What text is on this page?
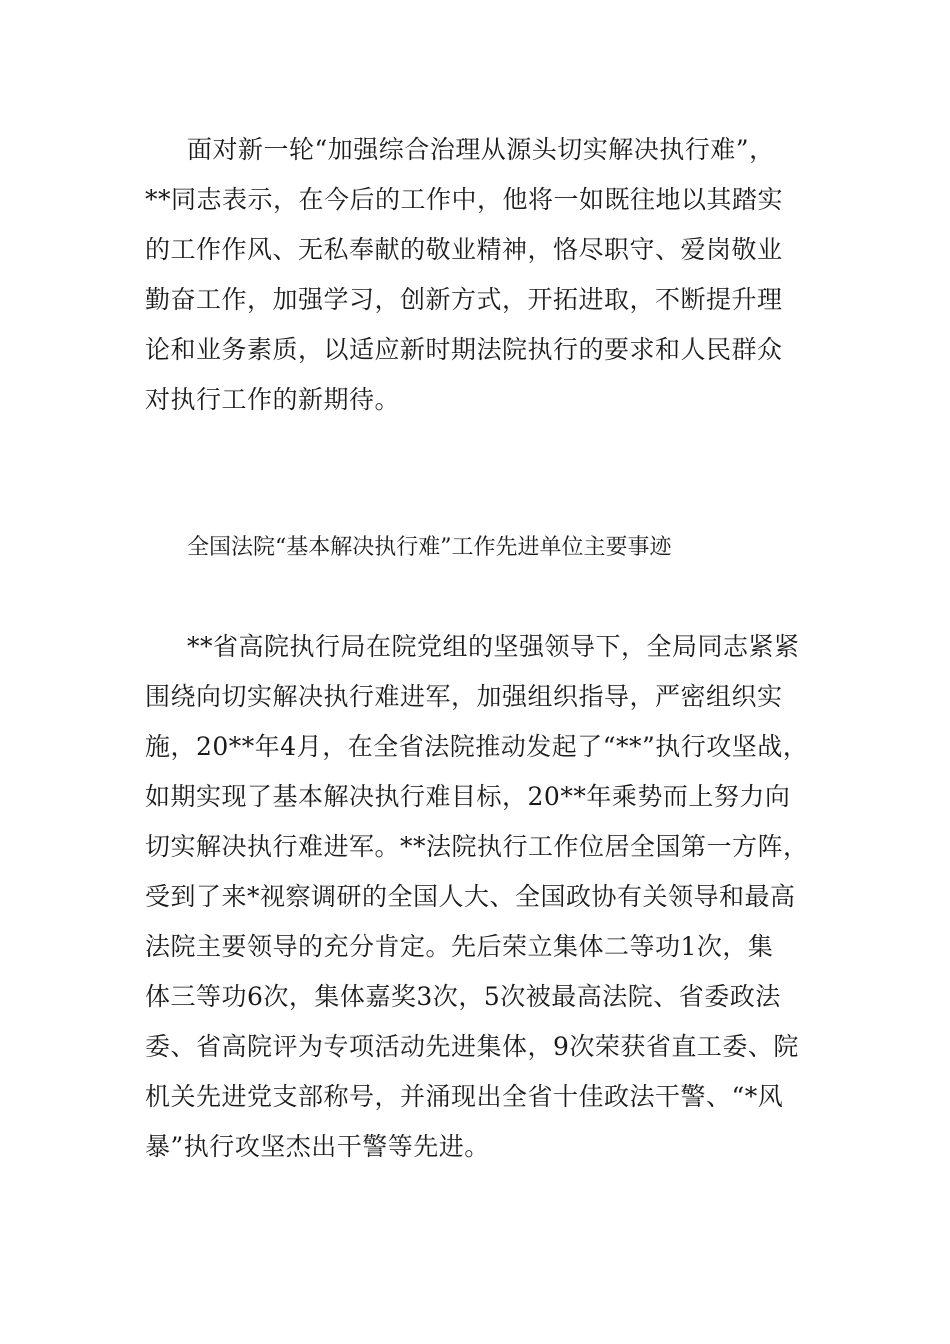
面对新一轮“加强综合治理从源头切实解决执行难”，
**同志表示，在今后的工作中，他将一如既往地以其踏实
的工作作风、无私奉献的敬业精神，恪尽职守、爱岗敬业
勤奋工作，加强学习，创新方式，开拓进取，不断提升理
论和业务素质，以适应新时期法院执行的要求和人民群众
对执行工作的新期待。
全国法院“基本解决执行难”工作先进单位主要事迹
**省高院执行局在院党组的坚强领导下，全局同志紧紧
围绕向切实解决执行难进军，加强组织指导，严密组织实
施，20**年4月，在全省法院推动发起了“**”执行攻坚战，
如期实现了基本解决执行难目标，20**年乘势而上努力向
切实解决执行难进军。**法院执行工作位居全国第一方阵，
受到了来*视察调研的全国人大、全国政协有关领导和最高
法院主要领导的充分肯定。先后荣立集体二等功1次，集
体三等功6次，集体嘉奖3次，5次被最高法院、省委政法
委、省高院评为专项活动先进集体，9次荣获省直工委、院
机关先进党支部称号，并涌现出全省十佳政法干警、“*风
暴”执行攻坚杰出干警等先进。
